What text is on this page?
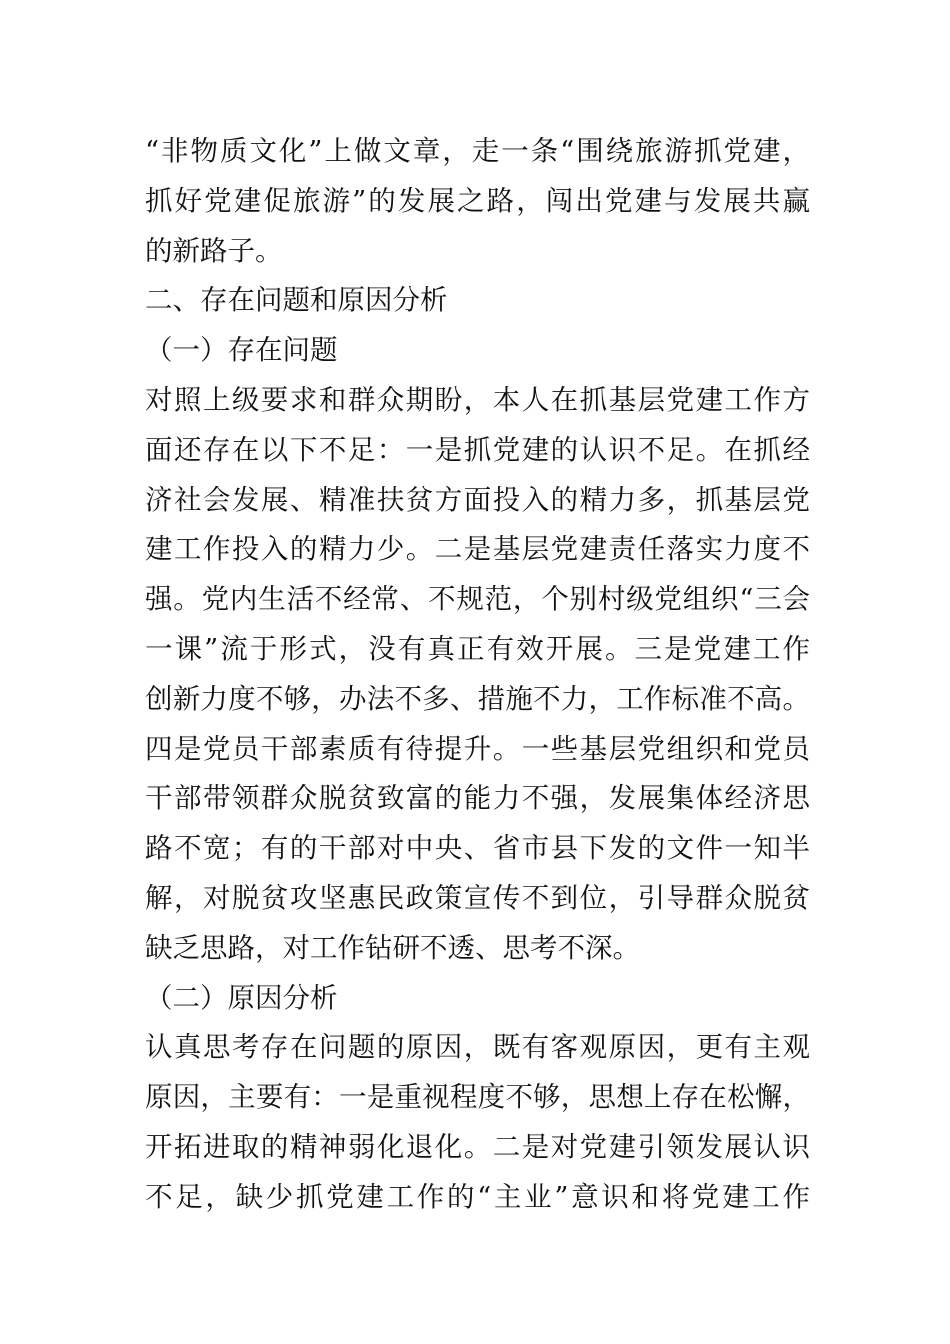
“非物质文化”上做文章，走一条“围绕旅游抓党建，
抓好党建促旅游”的发展之路，闯出党建与发展共赢
的新路子。
二、存在问题和原因分析
（一）存在问题
对照上级要求和群众期盼，本人在抓基层党建工作方
面还存在以下不足：一是抓党建的认识不足。在抓经
济社会发展、精准扶贫方面投入的精力多，抓基层党
建工作投入的精力少。二是基层党建责任落实力度不
强。党内生活不经常、不规范，个别村级党组织“三会
一课”流于形式，没有真正有效开展。三是党建工作
创新力度不够，办法不多、措施不力，工作标准不高。
四是党员干部素质有待提升。一些基层党组织和党员
干部带领群众脱贫致富的能力不强，发展集体经济思
路不宽；有的干部对中央、省市县下发的文件一知半
解，对脱贫攻坚惠民政策宣传不到位，引导群众脱贫
缺乏思路，对工作钻研不透、思考不深。
（二）原因分析
认真思考存在问题的原因，既有客观原因，更有主观
原因，主要有：一是重视程度不够，思想上存在松懈，
开拓进取的精神弱化退化。二是对党建引领发展认识
不足，缺少抓党建工作的“主业”意识和将党建工作
